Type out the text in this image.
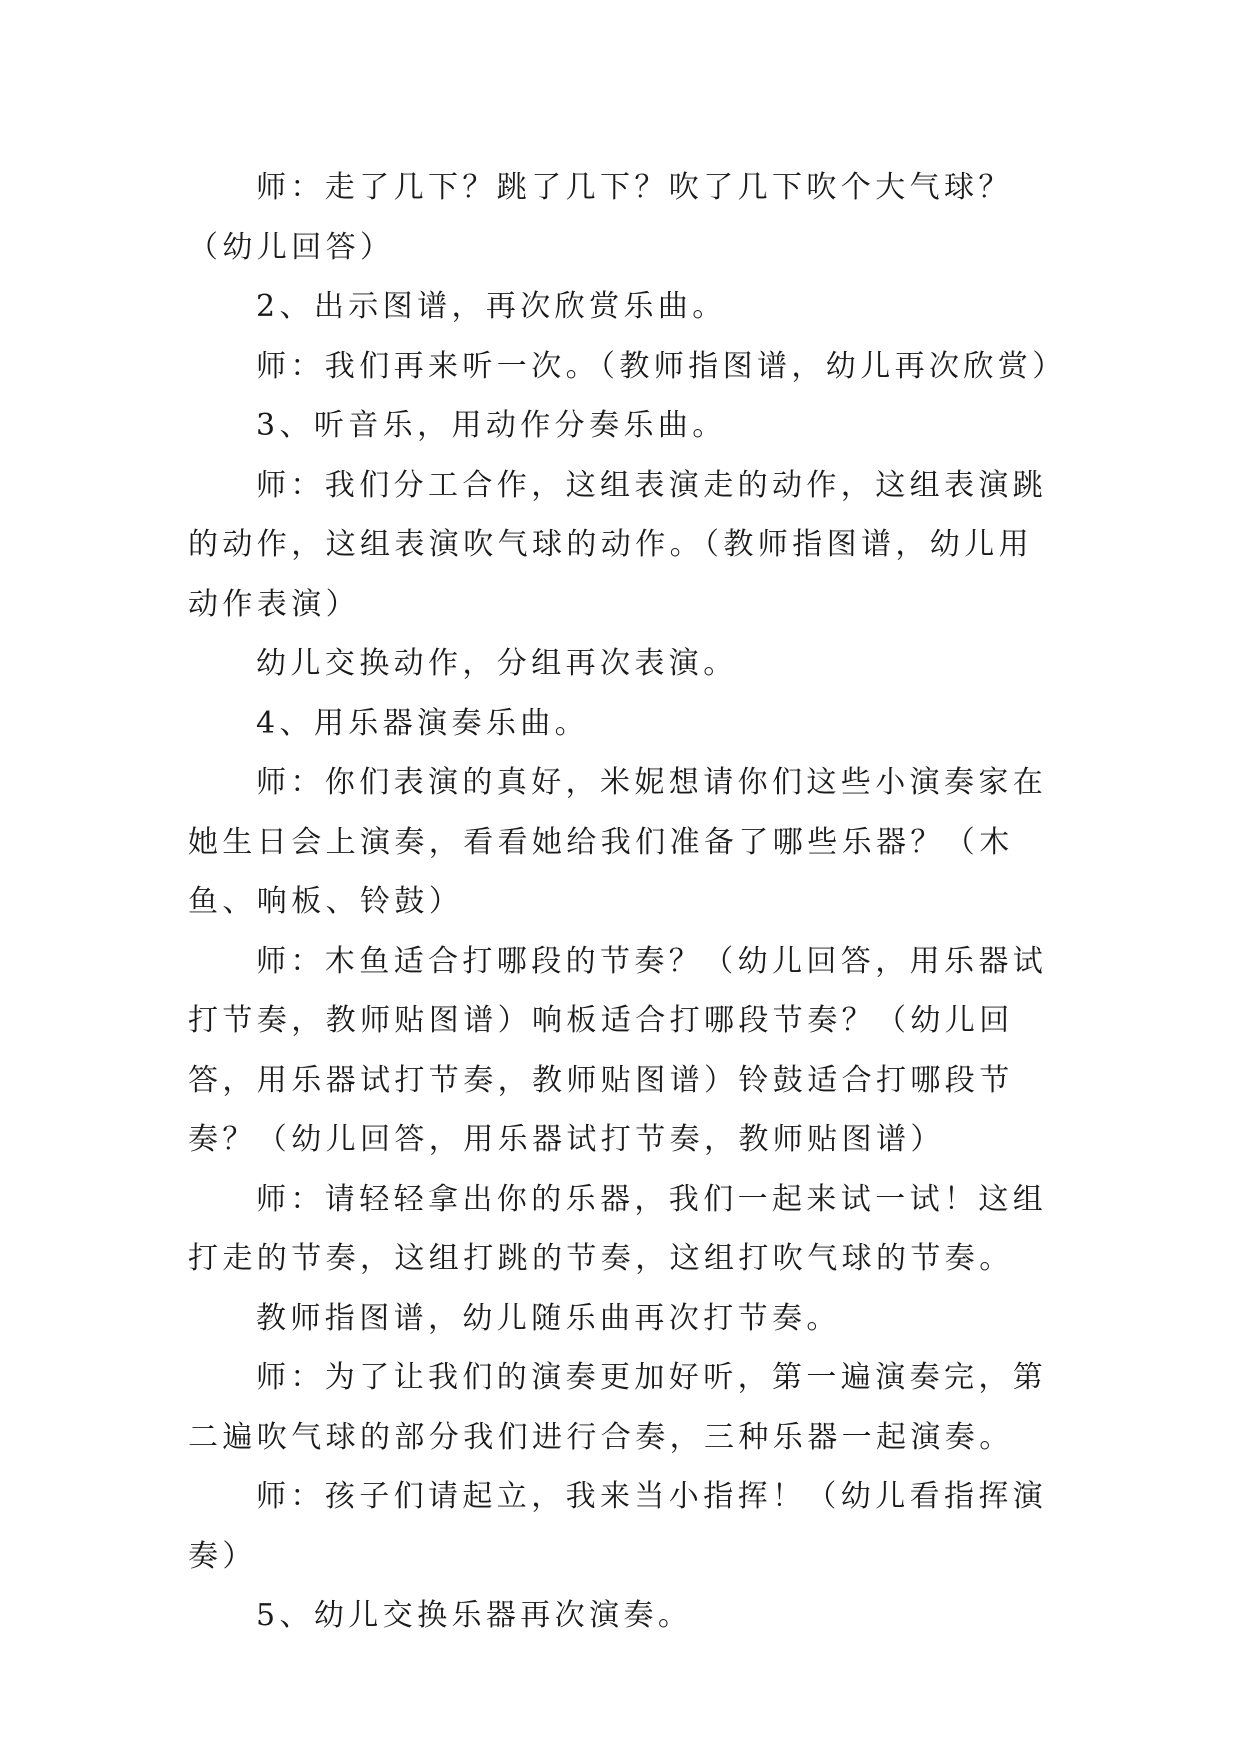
师：走了几下？跳了几下？吹了几下吹个大气球？（幼儿回答）

2、出示图谱，再次欣赏乐曲。

师：我们再来听一次。（教师指图谱，幼儿再次欣赏）

3、听音乐，用动作分奏乐曲。

师：我们分工合作，这组表演走的动作，这组表演跳的动作，这组表演吹气球的动作。（教师指图谱，幼儿用动作表演）

幼儿交换动作，分组再次表演。

4、用乐器演奏乐曲。

师：你们表演的真好，米妮想请你们这些小演奏家在她生日会上演奏，看看她给我们准备了哪些乐器？（木鱼、响板、铃鼓）

师：木鱼适合打哪段的节奏？（幼儿回答，用乐器试打节奏，教师贴图谱）响板适合打哪段节奏？（幼儿回答，用乐器试打节奏，教师贴图谱）铃鼓适合打哪段节奏？（幼儿回答，用乐器试打节奏，教师贴图谱）

师：请轻轻拿出你的乐器，我们一起来试一试！这组打走的节奏，这组打跳的节奏，这组打吹气球的节奏。

教师指图谱，幼儿随乐曲再次打节奏。

师：为了让我们的演奏更加好听，第一遍演奏完，第二遍吹气球的部分我们进行合奏，三种乐器一起演奏。

师：孩子们请起立，我来当小指挥！（幼儿看指挥演奏）

5、幼儿交换乐器再次演奏。
